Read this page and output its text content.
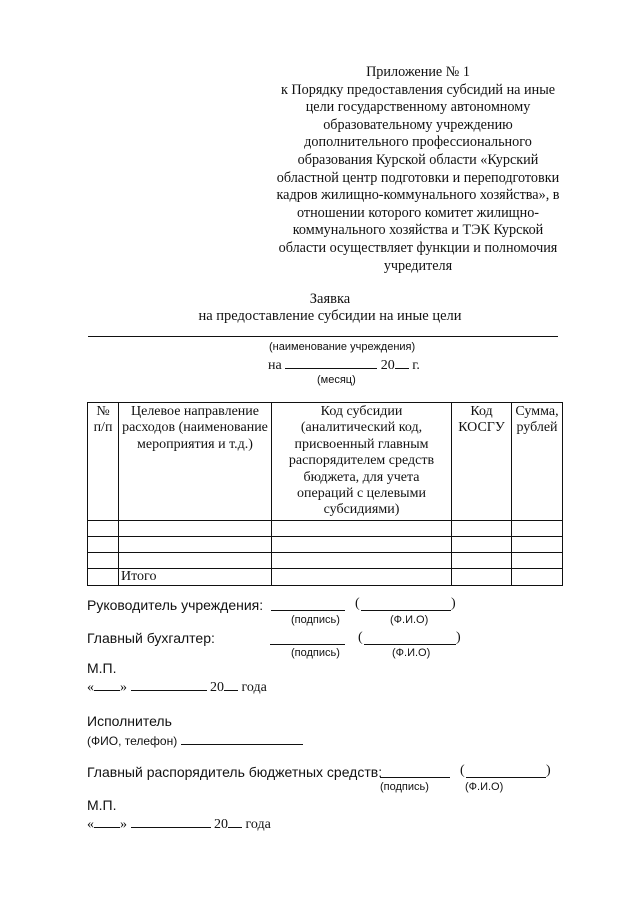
Приложение № 1
к Порядку предоставления субсидий на иные
цели государственному автономному
образовательному учреждению
дополнительного профессионального
образования Курской области «Курский
областной центр подготовки и переподготовки
кадров жилищно-коммунального хозяйства», в
отношении которого комитет жилищно-
коммунального хозяйства и ТЭК Курской
области осуществляет функции и полномочия
учредителя
Заявка
на предоставление субсидии на иные цели
(наименование учреждения)
на	20 г.
(месяц)
№ п/п	Целевое направление расходов (наименование мероприятия и т.д.)	Код субсидии (аналитический код, присвоенный главным распорядителем средств бюджета, для учета операций с целевыми субсидиями)	Код КОСГУ	Сумма, рублей

	Итого			
Руководитель учреждения:	(	)
(подпись)	(Ф.И.О)
Главный бухгалтер:	(	)
(подпись)	(Ф.И.О)
М.П.
« »	20 года
Исполнитель
(ФИО, телефон)
Главный распорядитель бюджетных средств:	(	)
(подпись)	(Ф.И.О)
М.П.
« »	20 года
